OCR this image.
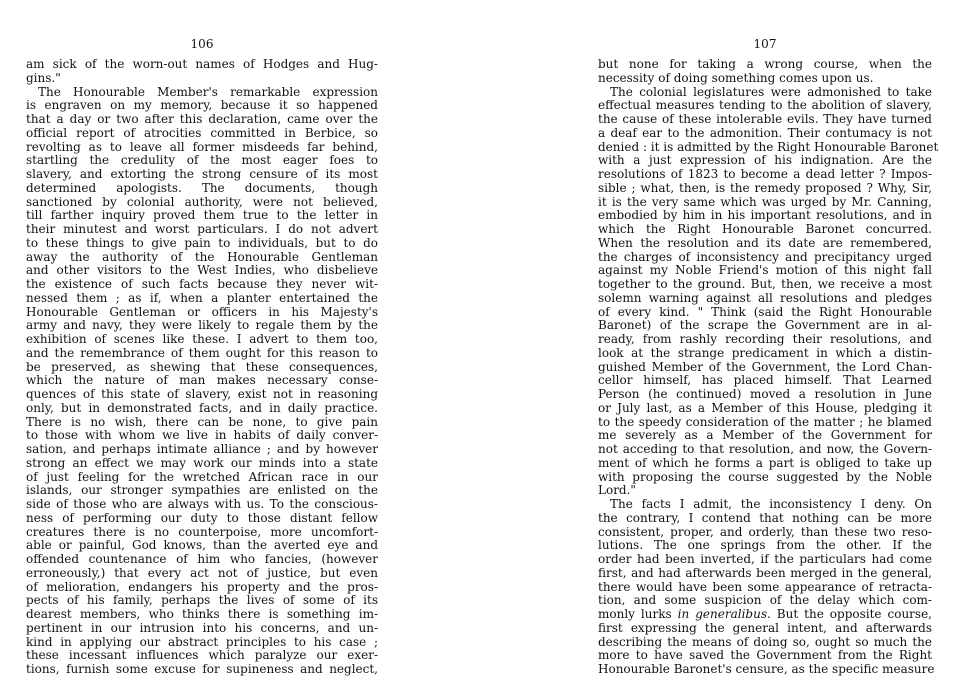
106
am sick of the worn-out names of Hodges and Hug-
gins."
The Honourable Member's remarkable expression
is engraven on my memory, because it so happened
that a day or two after this declaration, came over the
official report of atrocities committed in Berbice, so
revolting as to leave all former misdeeds far behind,
startling the credulity of the most eager foes to
slavery, and extorting the strong censure of its most
determined apologists. The documents, though
sanctioned by colonial authority, were not believed,
till farther inquiry proved them true to the letter in
their minutest and worst particulars. I do not advert
to these things to give pain to individuals, but to do
away the authority of the Honourable Gentleman
and other visitors to the West Indies, who disbelieve
the existence of such facts because they never wit-
nessed them ; as if, when a planter entertained the
Honourable Gentleman or officers in his Majesty's
army and navy, they were likely to regale them by the
exhibition of scenes like these. I advert to them too,
and the remembrance of them ought for this reason to
be preserved, as shewing that these consequences,
which the nature of man makes necessary conse-
quences of this state of slavery, exist not in reasoning
only, but in demonstrated facts, and in daily practice.
There is no wish, there can be none, to give pain
to those with whom we live in habits of daily conver-
sation, and perhaps intimate alliance ; and by however
strong an effect we may work our minds into a state
of just feeling for the wretched African race in our
islands, our stronger sympathies are enlisted on the
side of those who are always with us. To the conscious-
ness of performing our duty to those distant fellow
creatures there is no counterpoise, more uncomfort-
able or painful, God knows, than the averted eye and
offended countenance of him who fancies, (however
erroneously,) that every act not of justice, but even
of melioration, endangers his property and the pros-
pects of his family, perhaps the lives of some of its
dearest members, who thinks there is something im-
pertinent in our intrusion into his concerns, and un-
kind in applying our abstract principles to his case ;
these incessant influences which paralyze our exer-
tions, furnish some excuse for supineness and neglect,
107
but none for taking a wrong course, when the
necessity of doing something comes upon us.
The colonial legislatures were admonished to take
effectual measures tending to the abolition of slavery,
the cause of these intolerable evils. They have turned
a deaf ear to the admonition. Their contumacy is not
denied : it is admitted by the Right Honourable Baronet
with a just expression of his indignation. Are the
resolutions of 1823 to become a dead letter ? Impos-
sible ; what, then, is the remedy proposed ? Why, Sir,
it is the very same which was urged by Mr. Canning,
embodied by him in his important resolutions, and in
which the Right Honourable Baronet concurred.
When the resolution and its date are remembered,
the charges of inconsistency and precipitancy urged
against my Noble Friend's motion of this night fall
together to the ground. But, then, we receive a most
solemn warning against all resolutions and pledges
of every kind. " Think (said the Right Honourable
Baronet) of the scrape the Government are in al-
ready, from rashly recording their resolutions, and
look at the strange predicament in which a distin-
guished Member of the Government, the Lord Chan-
cellor himself, has placed himself. That Learned
Person (he continued) moved a resolution in June
or July last, as a Member of this House, pledging it
to the speedy consideration of the matter ; he blamed
me severely as a Member of the Government for
not acceding to that resolution, and now, the Govern-
ment of which he forms a part is obliged to take up
with proposing the course suggested by the Noble
Lord."
The facts I admit, the inconsistency I deny. On
the contrary, I contend that nothing can be more
consistent, proper, and orderly, than these two reso-
lutions. The one springs from the other. If the
order had been inverted, if the particulars had come
first, and had afterwards been merged in the general,
there would have been some appearance of retracta-
tion, and some suspicion of the delay which com-
monly lurks in generalibus. But the opposite course,
first expressing the general intent, and afterwards
describing the means of doing so, ought so much the
more to have saved the Government from the Right
Honourable Baronet's censure, as the specific measure
